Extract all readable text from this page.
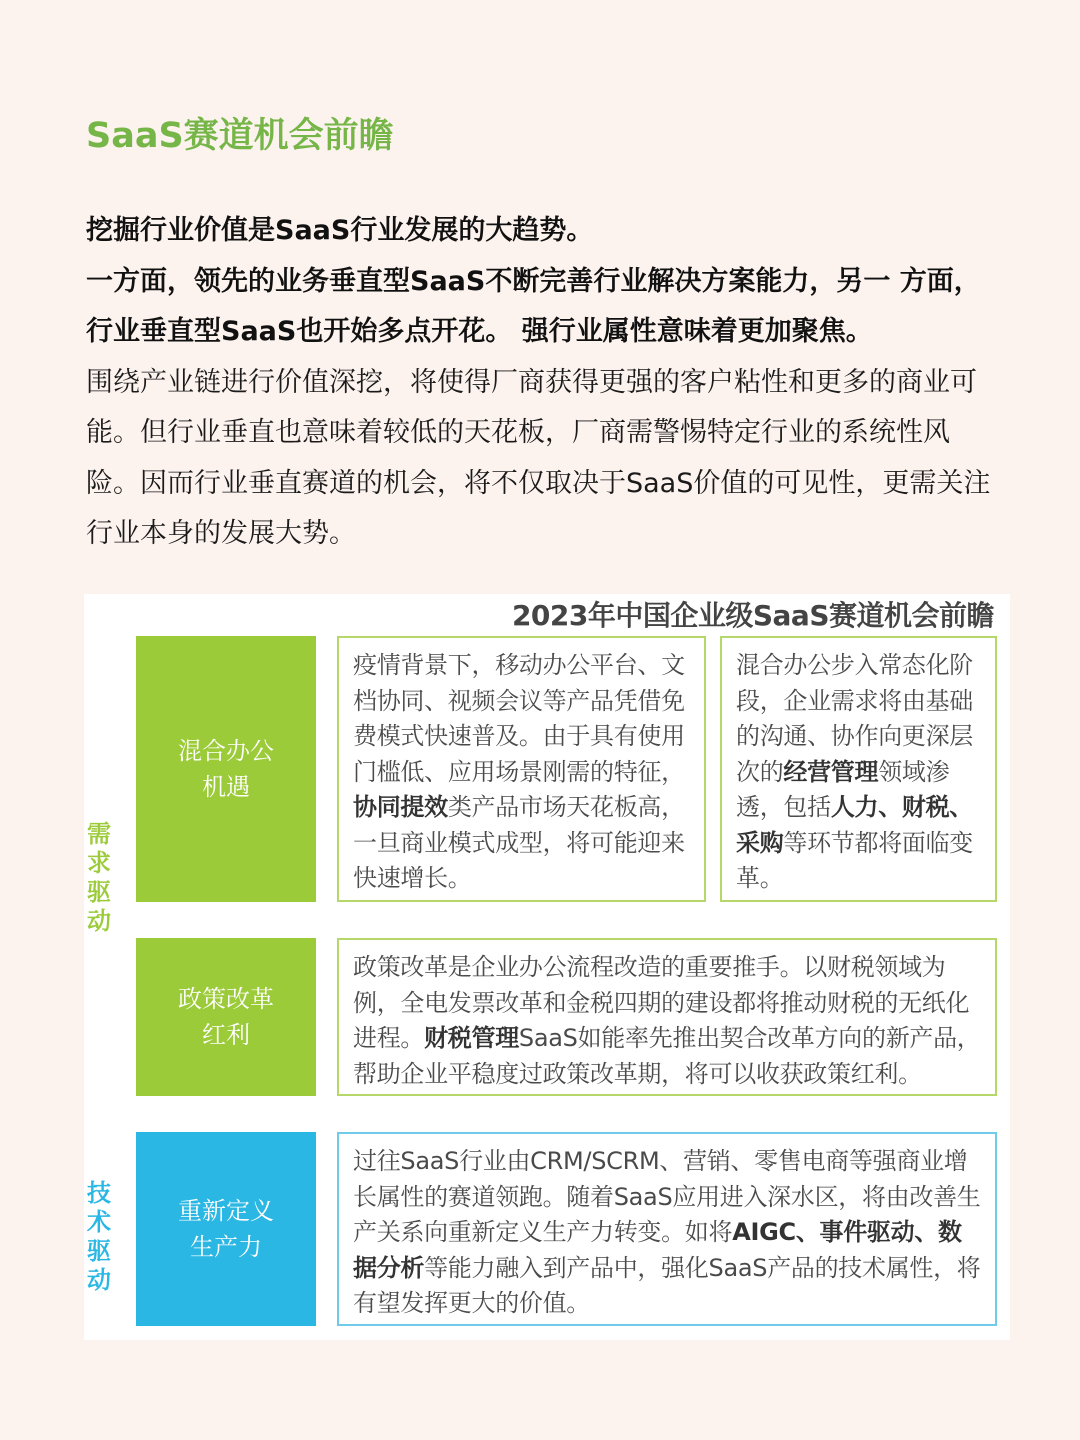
SaaS赛道机会前瞻

挖掘行业价值是SaaS行业发展的大趋势。

一方面，领先的业务垂直型SaaS不断完善行业解决方案能力，另一 方面，

行业垂直型SaaS也开始多点开花。 强行业属性意味着更加聚焦。

围绕产业链进行价值深挖，将使得厂商获得更强的客户粘性和更多的商业可能。但行业垂直也意味着较低的天花板，厂商需警惕特定行业的系统性风险。因而行业垂直赛道的机会，将不仅取决于SaaS价值的可见性，更需关注行业本身的发展大势。

2023年中国企业级SaaS赛道机会前瞻
需
求
驱
动
技
术
驱
动
混合办公
机遇

疫情背景下，移动办公平台、文档协同、视频会议等产品凭借免费模式快速普及。由于具有使用门槛低、应用场景刚需的特征，协同提效类产品市场天花板高，一旦商业模式成型，将可能迎来快速增长。

混合办公步入常态化阶段，企业需求将由基础的沟通、协作向更深层次的经营管理领域渗透，包括人力、财税、采购等环节都将面临变革。

政策改革
红利

政策改革是企业办公流程改造的重要推手。以财税领域为例，全电发票改革和金税四期的建设都将推动财税的无纸化进程。财税管理SaaS如能率先推出契合改革方向的新产品，帮助企业平稳度过政策改革期，将可以收获政策红利。

重新定义
生产力

过往SaaS行业由CRM/SCRM、营销、零售电商等强商业增长属性的赛道领跑。随着SaaS应用进入深水区，将由改善生产关系向重新定义生产力转变。如将AIGC、事件驱动、数据分析等能力融入到产品中，强化SaaS产品的技术属性，将有望发挥更大的价值。
